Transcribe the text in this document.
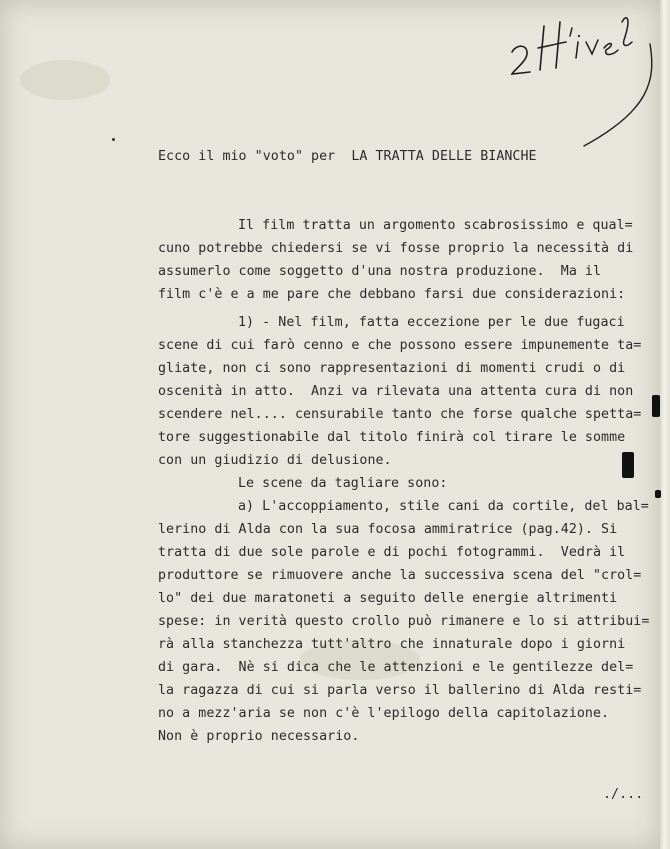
Ecco il mio "voto" per  LA TRATTA DELLE BIANCHE
Il film tratta un argomento scabrosissimo e qual=
cuno potrebbe chiedersi se vi fosse proprio la necessità di
assumerlo come soggetto d'una nostra produzione.  Ma il
film c'è e a me pare che debbano farsi due considerazioni:
1) - Nel film, fatta eccezione per le due fugaci
scene di cui farò cenno e che possono essere impunemente ta=
gliate, non ci sono rappresentazioni di momenti crudi o di
oscenità in atto.  Anzi va rilevata una attenta cura di non
scendere nel.... censurabile tanto che forse qualche spetta=
tore suggestionabile dal titolo finirà col tirare le somme
con un giudizio di delusione.
Le scene da tagliare sono:
a) L'accoppiamento, stile cani da cortile, del bal=
lerino di Alda con la sua focosa ammiratrice (pag.42). Si
tratta di due sole parole e di pochi fotogrammi.  Vedrà il
produttore se rimuovere anche la successiva scena del "crol=
lo" dei due maratoneti a seguito delle energie altrimenti
spese: in verità questo crollo può rimanere e lo si attribui=
rà alla stanchezza tutt'altro che innaturale dopo i giorni
di gara.  Nè si dica che le attenzioni e le gentilezze del=
la ragazza di cui si parla verso il ballerino di Alda resti=
no a mezz'aria se non c'è l'epilogo della capitolazione.
Non è proprio necessario.
./...
